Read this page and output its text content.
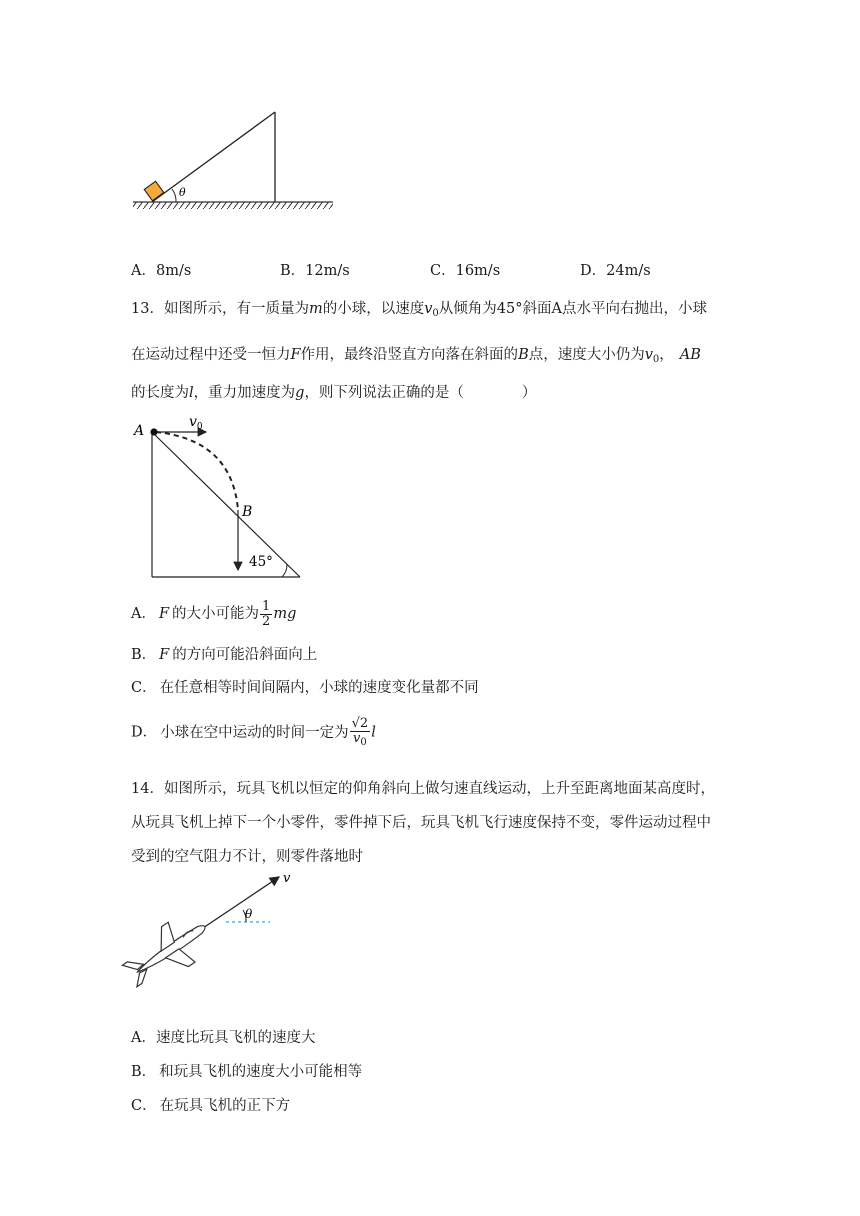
θ
A．8m/s	B．12m/s	C．16m/s	D．24m/s
13．如图所示，有一质量为m的小球，以速度$v_0$从倾角为45°斜面A点水平向右抛出，小球
在运动过程中还受一恒力F作用，最终沿竖直方向落在斜面的B点，速度大小仍为$v_0$， AB
的长度为l，重力加速度为g，则下列说法正确的是（　　　　）
A
B
$v_0$
45°
A． F 的大小可能为 $\frac{1}{2}$ mg
B． F 的方向可能沿斜面向上
C． 在任意相等时间间隔内，小球的速度变化量都不同
D． 小球在空中运动的时间一定为 $\frac{√2}{v_0}$ l
14．如图所示，玩具飞机以恒定的仰角斜向上做匀速直线运动，上升至距离地面某高度时，
从玩具飞机上掉下一个小零件，零件掉下后，玩具飞机飞行速度保持不变，零件运动过程中
受到的空气阻力不计，则零件落地时
θ
v
A．速度比玩具飞机的速度大
B． 和玩具飞机的速度大小可能相等
C． 在玩具飞机的正下方
